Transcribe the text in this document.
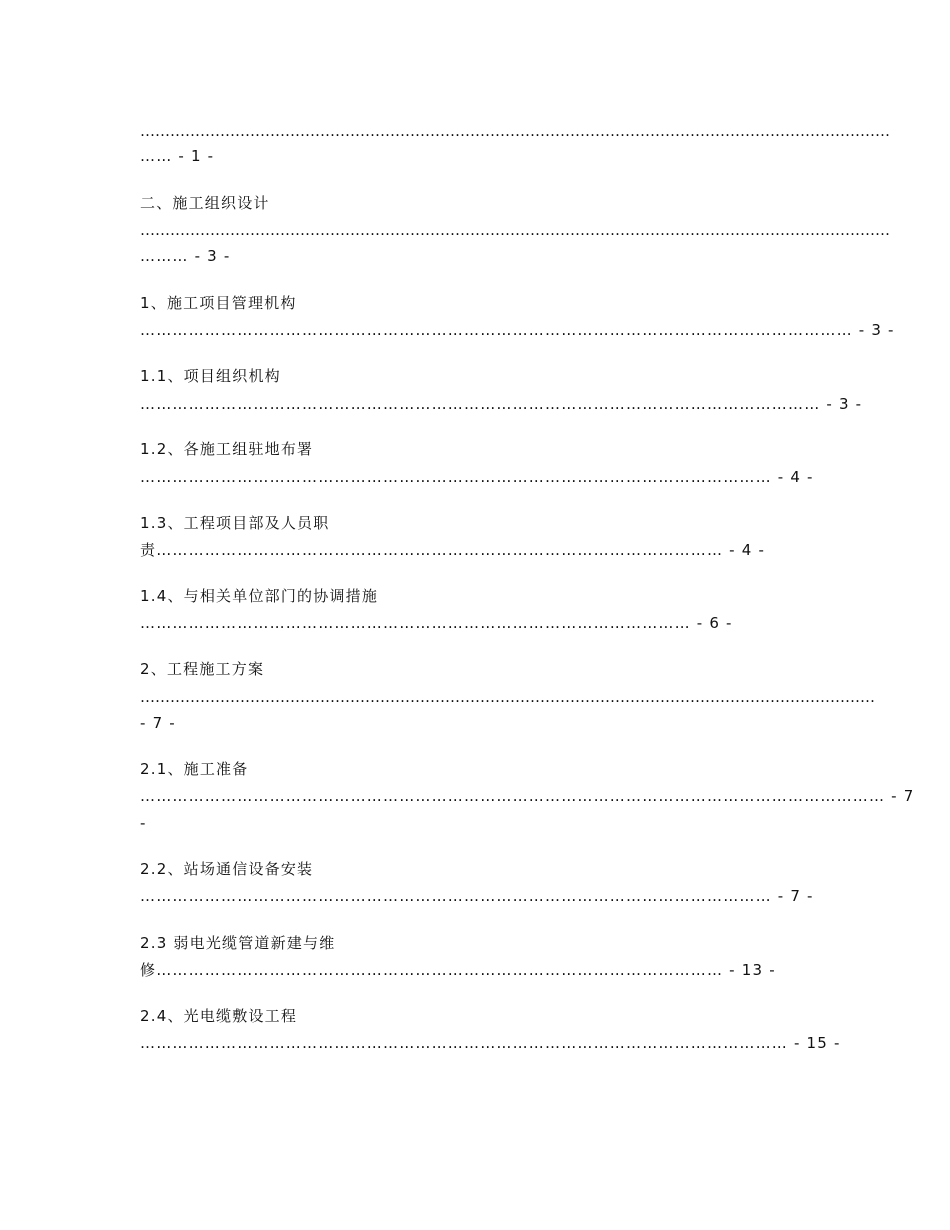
……………………………………………………………………………………………………………………………………
…… - 1 -
二、施工组织设计
……………………………………………………………………………………………………………………………………
……… - 3 -
1、施工项目管理机构
…………………………………………………………………………………………………………………… - 3 -
1.1、项目组织机构
……………………………………………………………………………………………………………… - 3 -
1.2、各施工组驻地布署
……………………………………………………………………………………………………… - 4 -
1.3、工程项目部及人员职
责…………………………………………………………………………………………… - 4 -
1.4、与相关单位部门的协调措施
………………………………………………………………………………………… - 6 -
2、工程施工方案
…………………………………………………………………………………………………………………………………
- 7 -
2.1、施工准备
………………………………………………………………………………………………………………………… - 7
-
2.2、站场通信设备安装
……………………………………………………………………………………………………… - 7 -
2.3 弱电光缆管道新建与维
修…………………………………………………………………………………………… - 13 -
2.4、光电缆敷设工程
………………………………………………………………………………………………………… - 15 -
